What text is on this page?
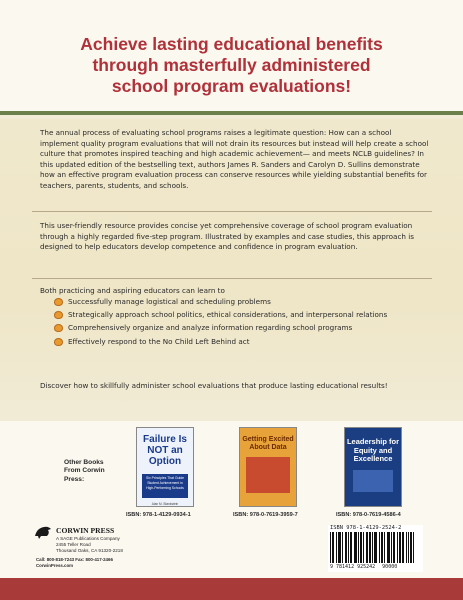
Achieve lasting educational benefits
through masterfully administered
school program evaluations!

The annual process of evaluating school programs raises a legitimate question: How can a school implement quality program evaluations that will not drain its resources but instead will help create a school culture that promotes inspired teaching and high academic achievement— and meets NCLB guidelines? In this updated edition of the bestselling text, authors James R. Sanders and Carolyn D. Sullins demonstrate how an effective program evaluation process can conserve resources while yielding substantial benefits for teachers, parents, students, and schools.

This user-friendly resource provides concise yet comprehensive coverage of school program evaluation through a highly regarded five-step program. Illustrated by examples and case studies, this approach is designed to help educators develop competence and confidence in program evaluation.

Both practicing and aspiring educators can learn to

Successfully manage logistical and scheduling problems
Strategically approach school politics, ethical considerations, and interpersonal relations
Comprehensively organize and analyze information regarding school programs
Effectively respond to the No Child Left Behind act

Discover how to skillfully administer school evaluations that produce lasting educational results!

Other Books From Corwin Press:
Failure Is NOT an Option
Six Principles That Guide Student Achievement in High-Performing Schools
Alan M. Blankstein
Getting Excited About Data
Leadership for Equity and Excellence
ISBN: 978-1-4129-0934-1	ISBN: 978-0-7619-3959-7	ISBN: 978-0-7619-4586-4
CORWIN PRESS
A SAGE Publications Company
2455 Teller Road
Thousand Oaks, CA 91320-2218
Call: 800-818-7243 Fax: 800-417-2466
CorwinPress.com
ISBN 978-1-4129-2524-2
9 781412 925242 90000
